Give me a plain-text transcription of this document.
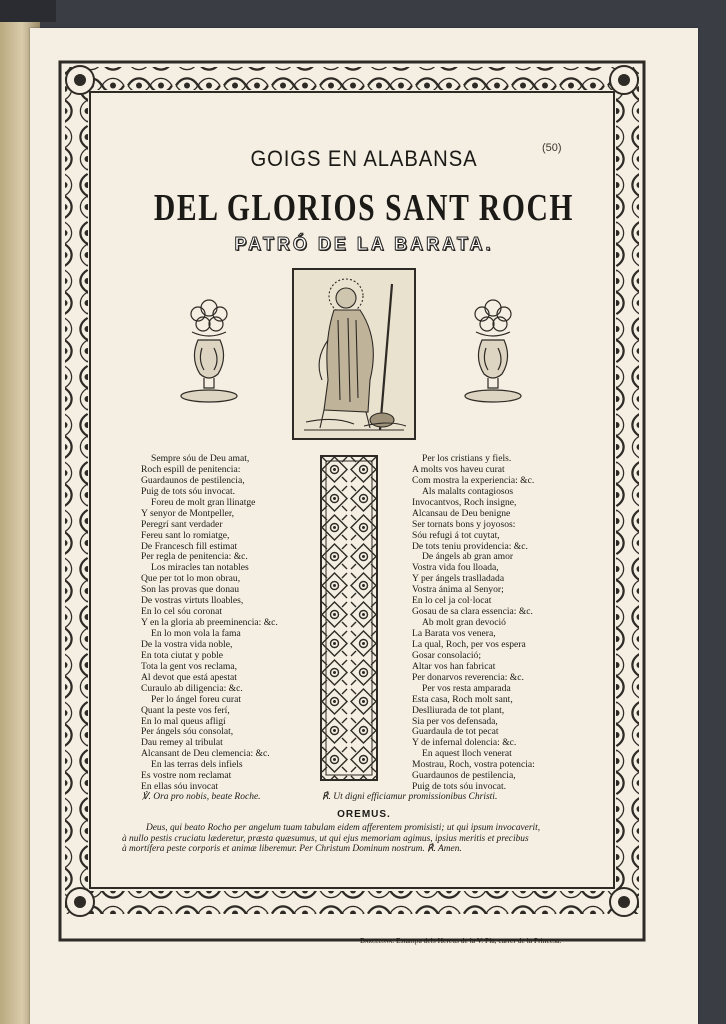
(50)
GOIGS EN ALABANSA
DEL GLORIOS SANT ROCH
PATRÓ DE LA BARATA.
Sempre sóu de Deu amat,
Roch espill de penitencia:
Guardaunos de pestilencia,
Puig de tots sóu invocat.
Foreu de molt gran llinatge
Y senyor de Montpeller,
Peregrí sant verdader
Fereu sant lo romiatge,
De Francesch fill estimat
Per regla de penitencia: &c.
Los miracles tan notables
Que per tot lo mon obrau,
Son las provas que donau
De vostras virtuts lloables,
En lo cel sóu coronat
Y en la gloria ab preeminencia: &c.
En lo mon vola la fama
De la vostra vida noble,
En tota ciutat y poble
Tota la gent vos reclama,
Al devot que está apestat
Curaulo ab diligencia: &c.
Per lo ángel foreu curat
Quant la peste vos ferí,
En lo mal queus afligí
Per ángels sóu consolat,
Dau remey al tribulat
Alcansant de Deu clemencia: &c.
En las terras dels infiels
Es vostre nom reclamat
En ellas sóu invocat
Per los cristians y fiels.
A molts vos haveu curat
Com mostra la experiencia: &c.
Als malalts contagiosos
Invocantvos, Roch insigne,
Alcansau de Deu benigne
Ser tornats bons y joyosos:
Sóu refugi á tot cuytat,
De tots teniu providencia: &c.
De ángels ab gran amor
Vostra vida fou lloada,
Y per ángels traslladada
Vostra ánima al Senyor;
En lo cel ja col·locat
Gosau de sa clara essencia: &c.
Ab molt gran devoció
La Barata vos venera,
La qual, Roch, per vos espera
Gosar consolació;
Altar vos han fabricat
Per donarvos reverencia: &c.
Per vos resta amparada
Esta casa, Roch molt sant,
Deslliurada de tot plant,
Sia per vos defensada,
Guardaula de tot pecat
Y de infernal dolencia: &c.
En aquest lloch venerat
Mostrau, Roch, vostra potencia:
Guardaunos de pestilencia,
Puig de tots sóu invocat.
℣. Ora pro nobis, beate Roche.	℟. Ut digni efficiamur promissionibus Christi.
OREMUS.
Deus, qui beato Rocho per angelum tuam tabulam eidem afferentem promisisti; ut qui ipsum invocaverit,
à nullo pestis cruciatu læderetur, præsta quæsumus, ut qui ejus memoriam agimus, ipsius meritis et precibus
à mortífera peste corporis et animæ liberemur. Per Christum Dominum nostrum. ℟. Amen.
Barcelona. Estampa dels Hereus de la V. Pla, carrer de la Princesa.
